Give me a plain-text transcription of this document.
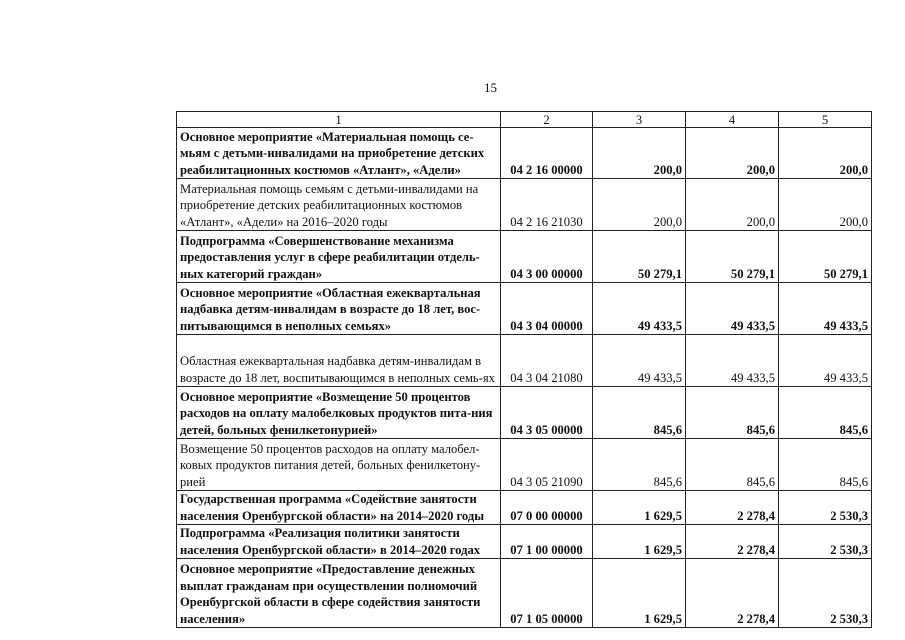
15
1	2	3	4	5
Основное мероприятие «Материальная помощь се-мьям с детьми-инвалидами на приобретение детских реабилитационных костюмов «Атлант», «Адели»	04 2 16 00000	200,0	200,0	200,0
Материальная помощь семьям с детьми-инвалидами на приобретение детских реабилитационных костюмов «Атлант», «Адели» на 2016–2020 годы	04 2 16 21030	200,0	200,0	200,0
Подпрограмма «Совершенствование механизма предоставления услуг в сфере реабилитации отдель-ных категорий граждан»	04 3 00 00000	50 279,1	50 279,1	50 279,1
Основное мероприятие «Областная ежеквартальная надбавка детям-инвалидам в возрасте до 18 лет, вос-питывающимся в неполных семьях»	04 3 04 00000	49 433,5	49 433,5	49 433,5
Областная ежеквартальная надбавка детям-инвалидам в возрасте до 18 лет, воспитывающимся в неполных семь-ях	04 3 04 21080	49 433,5	49 433,5	49 433,5
Основное мероприятие «Возмещение 50 процентов расходов на оплату малобелковых продуктов пита-ния детей, больных фенилкетонурией»	04 3 05 00000	845,6	845,6	845,6
Возмещение 50 процентов расходов на оплату малобел-ковых продуктов питания детей, больных фенилкетону-рией	04 3 05 21090	845,6	845,6	845,6
Государственная программа «Содействие занятости населения Оренбургской области» на 2014–2020 годы	07 0 00 00000	1 629,5	2 278,4	2 530,3
Подпрограмма «Реализация политики занятости населения Оренбургской области» в 2014–2020 годах	07 1 00 00000	1 629,5	2 278,4	2 530,3
Основное мероприятие «Предоставление денежных выплат гражданам при осуществлении полномочий Оренбургской области в сфере содействия занятости населения»	07 1 05 00000	1 629,5	2 278,4	2 530,3
